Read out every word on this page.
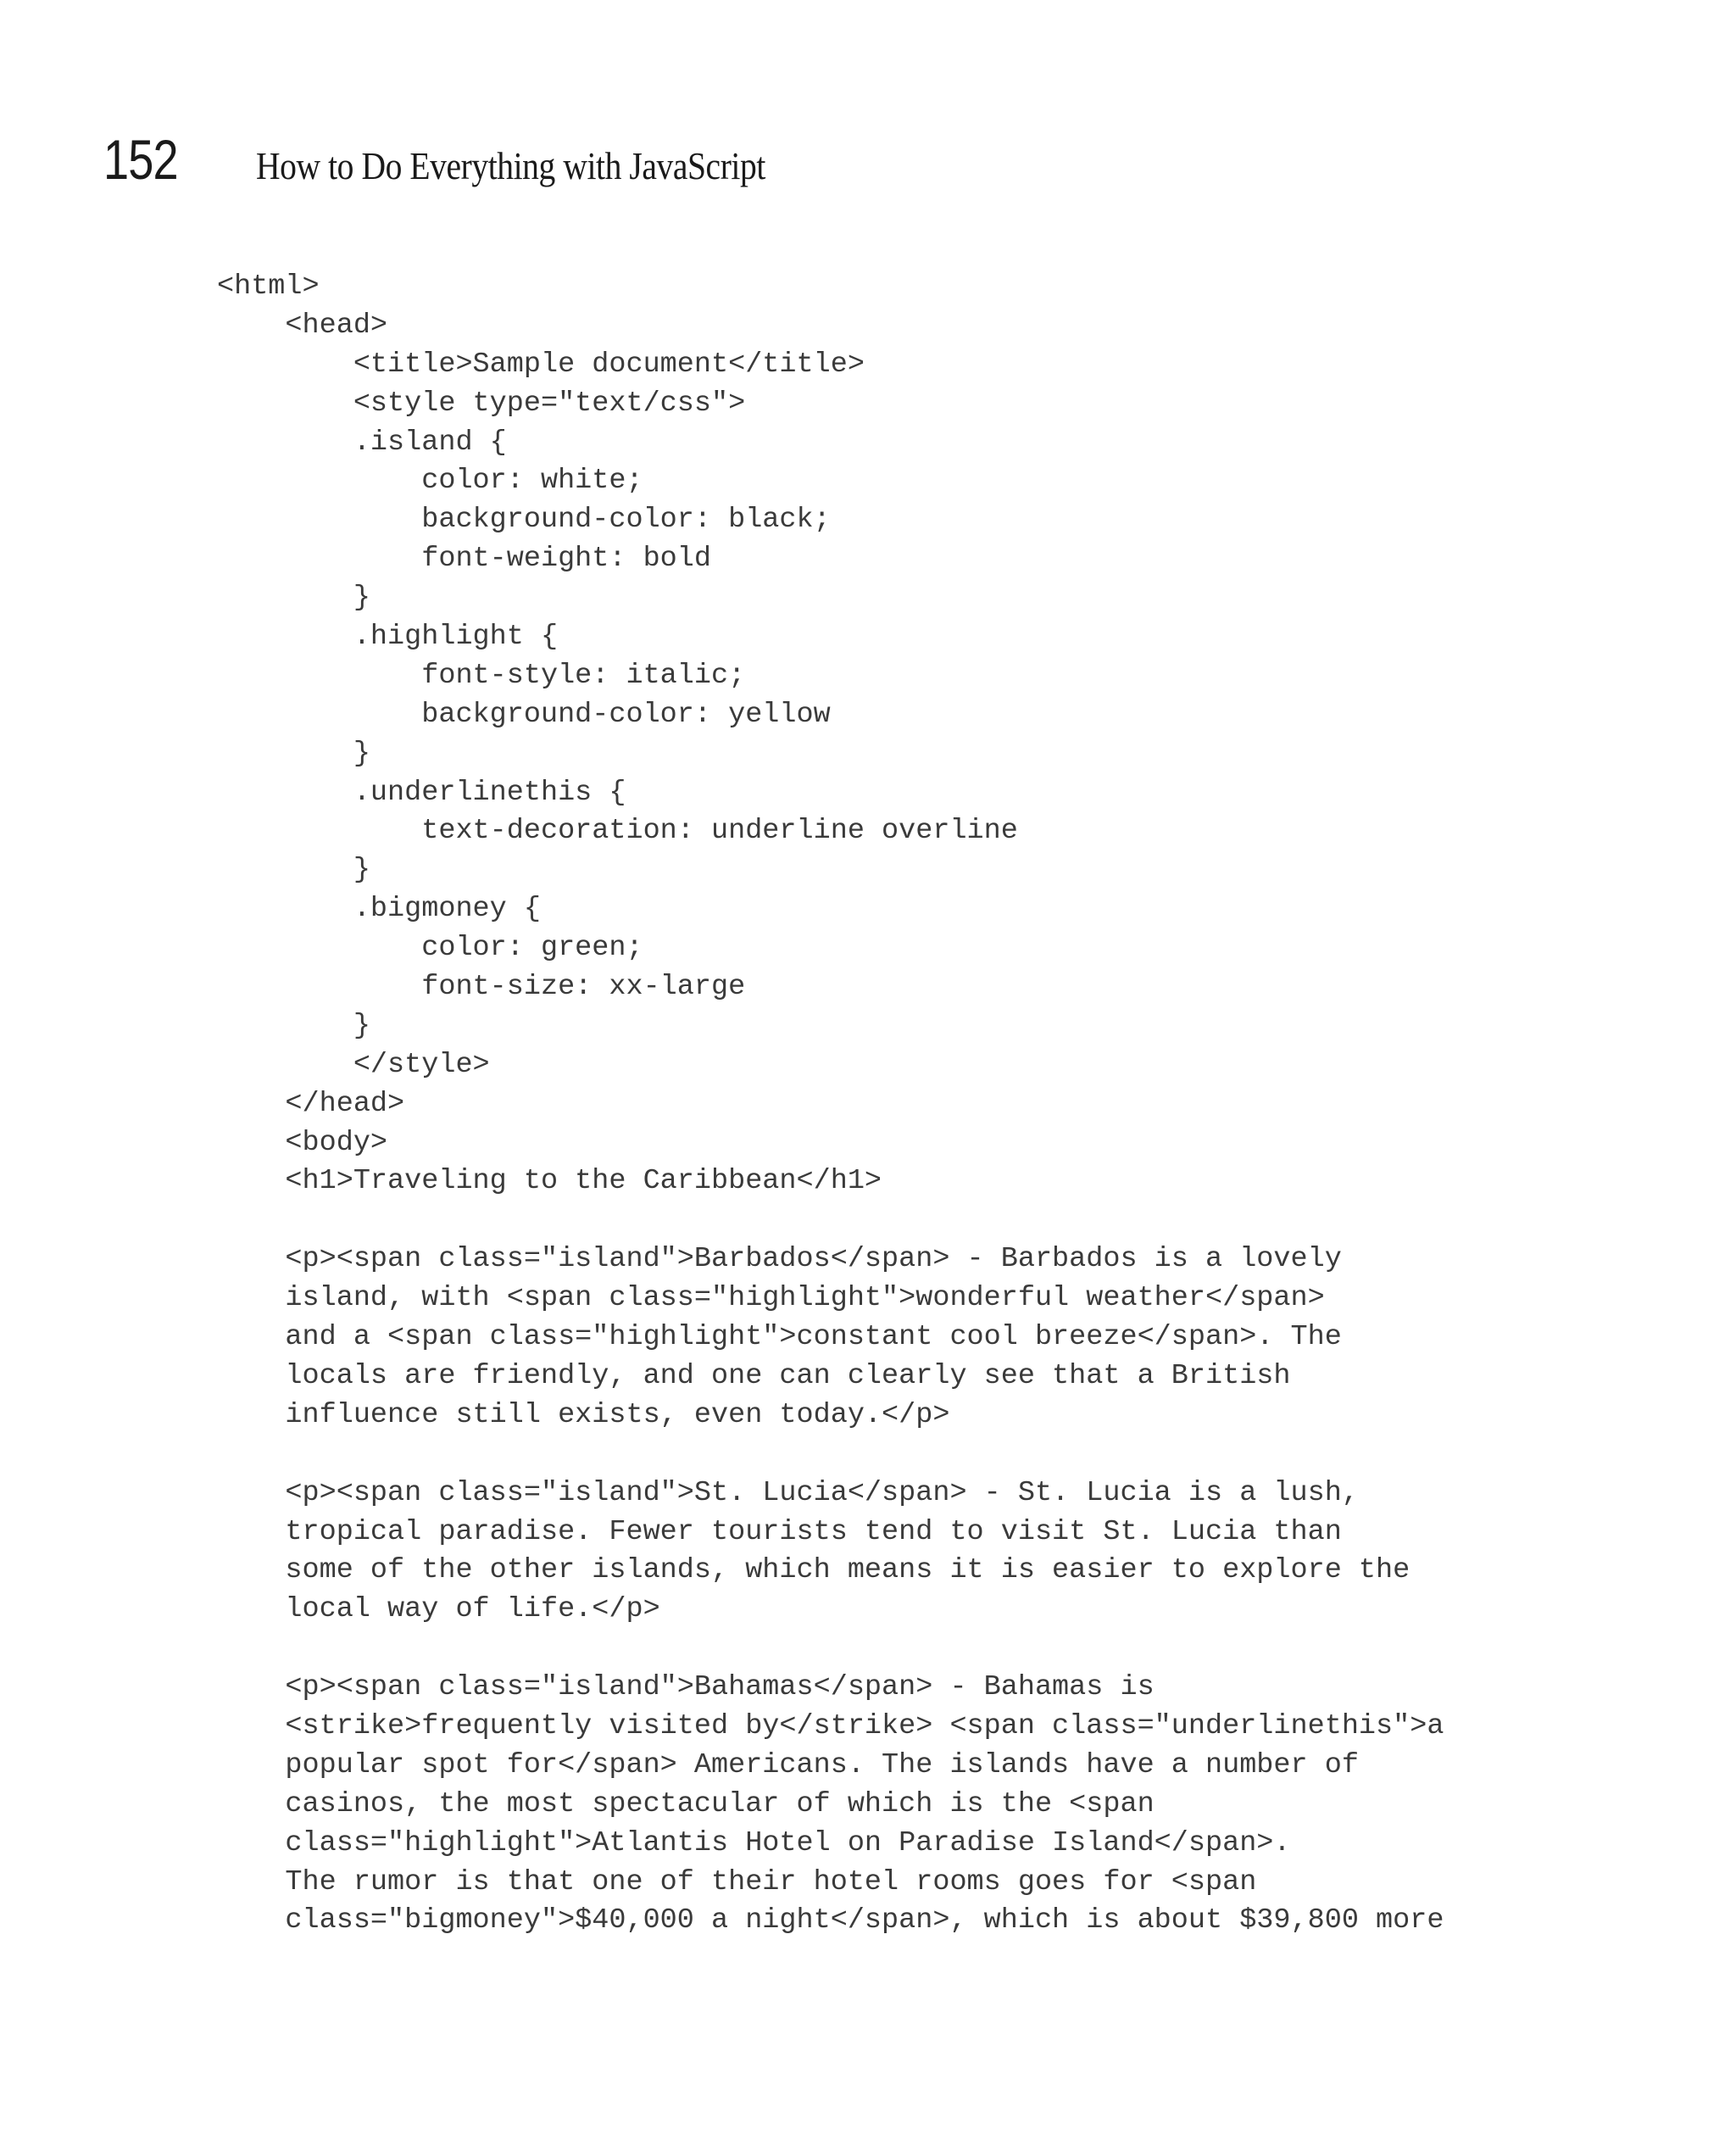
152 How to Do Everything with JavaScript
<html>
<head>
<title>Sample document</title>
<style type="text/css">
.island {
color: white;
background-color: black;
font-weight: bold
}
.highlight {
font-style: italic;
background-color: yellow
}
.underlinethis {
text-decoration: underline overline
}
.bigmoney {
color: green;
font-size: xx-large
}
</style>
</head>
<body>
<h1>Traveling to the Caribbean</h1>
<p><span class="island">Barbados</span> - Barbados is a lovely
island, with <span class="highlight">wonderful weather</span>
and a <span class="highlight">constant cool breeze</span>. The
locals are friendly, and one can clearly see that a British
influence still exists, even today.</p>
<p><span class="island">St. Lucia</span> - St. Lucia is a lush,
tropical paradise. Fewer tourists tend to visit St. Lucia than
some of the other islands, which means it is easier to explore the
local way of life.</p>
<p><span class="island">Bahamas</span> - Bahamas is
<strike>frequently visited by</strike> <span class="underlinethis">a
popular spot for</span> Americans. The islands have a number of
casinos, the most spectacular of which is the <span
class="highlight">Atlantis Hotel on Paradise Island</span>.
The rumor is that one of their hotel rooms goes for <span
class="bigmoney">$40,000 a night</span>, which is about $39,800 more
